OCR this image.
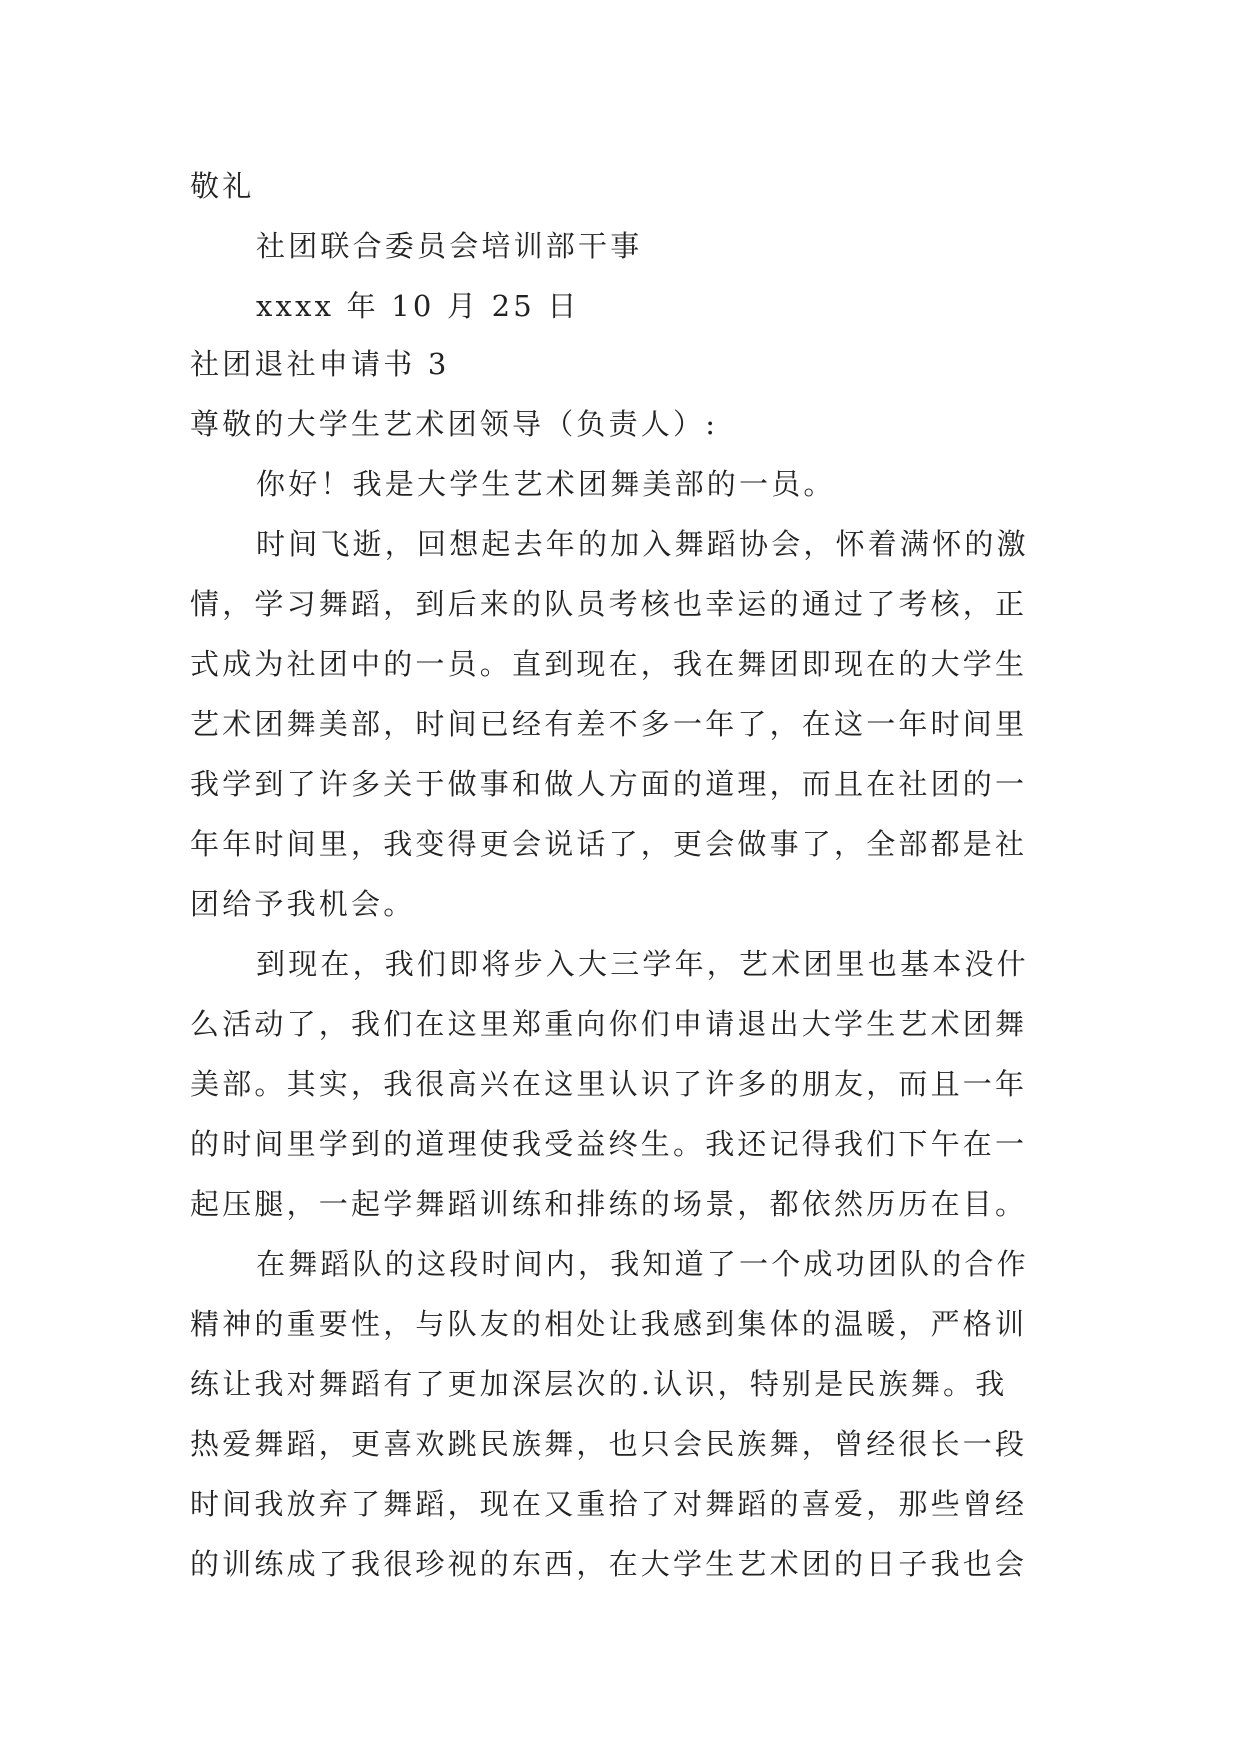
敬礼
社团联合委员会培训部干事
xxxx 年 10 月 25 日
社团退社申请书 3
尊敬的大学生艺术团领导（负责人）:
你好！我是大学生艺术团舞美部的一员。
时间飞逝，回想起去年的加入舞蹈协会，怀着满怀的激
情，学习舞蹈，到后来的队员考核也幸运的通过了考核，正
式成为社团中的一员。直到现在，我在舞团即现在的大学生
艺术团舞美部，时间已经有差不多一年了，在这一年时间里
我学到了许多关于做事和做人方面的道理，而且在社团的一
年年时间里，我变得更会说话了，更会做事了，全部都是社
团给予我机会。
到现在，我们即将步入大三学年，艺术团里也基本没什
么活动了，我们在这里郑重向你们申请退出大学生艺术团舞
美部。其实，我很高兴在这里认识了许多的朋友，而且一年
的时间里学到的道理使我受益终生。我还记得我们下午在一
起压腿，一起学舞蹈训练和排练的场景，都依然历历在目。
在舞蹈队的这段时间内，我知道了一个成功团队的合作
精神的重要性，与队友的相处让我感到集体的温暖，严格训
练让我对舞蹈有了更加深层次的.认识，特别是民族舞。我
热爱舞蹈，更喜欢跳民族舞，也只会民族舞，曾经很长一段
时间我放弃了舞蹈，现在又重拾了对舞蹈的喜爱，那些曾经
的训练成了我很珍视的东西，在大学生艺术团的日子我也会
